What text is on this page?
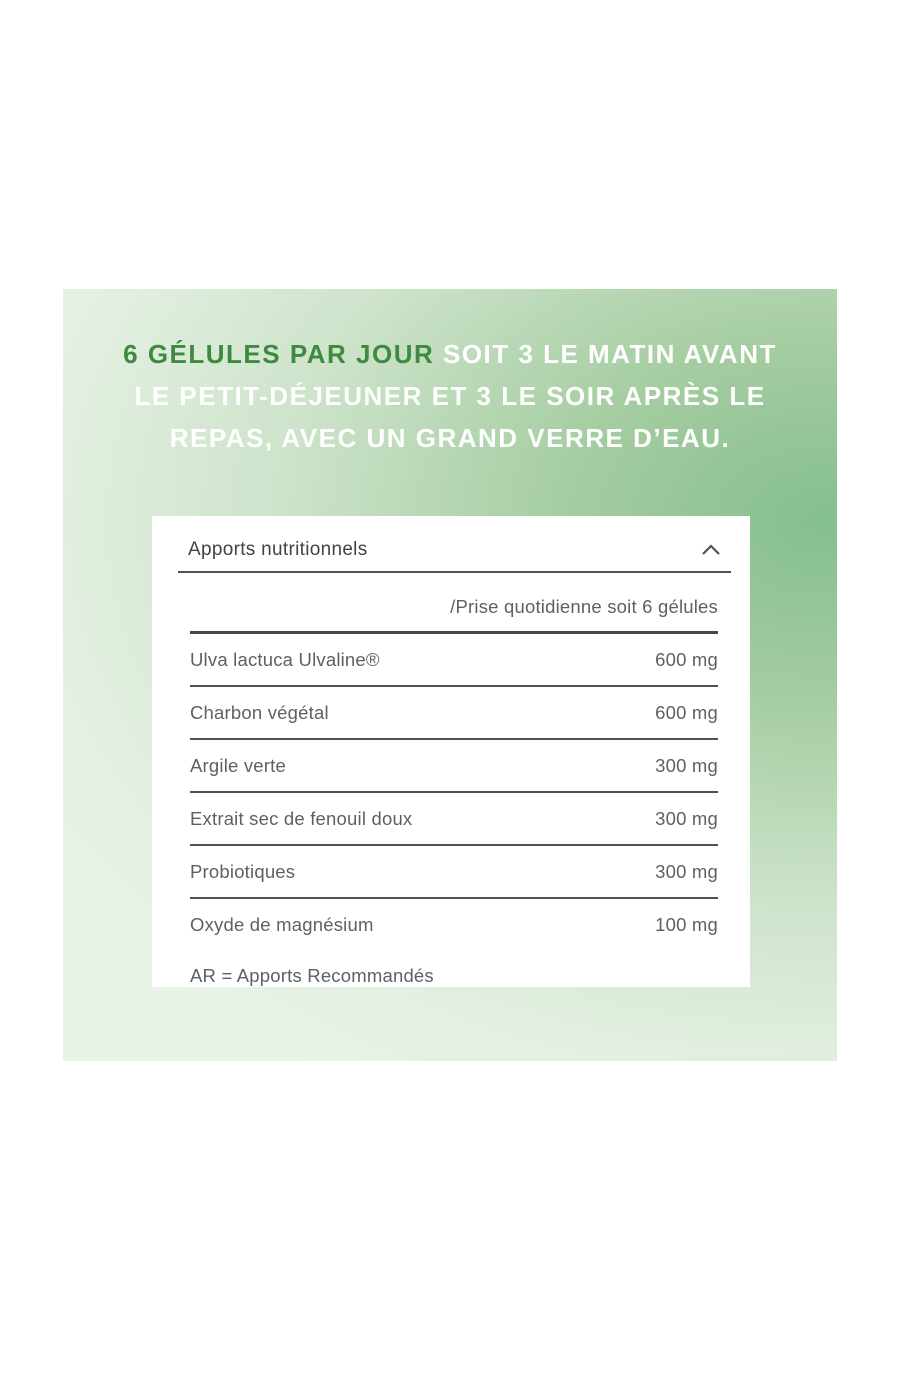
6 GÉLULES PAR JOUR SOIT 3 LE MATIN AVANT
LE PETIT-DÉJEUNER ET 3 LE SOIR APRÈS LE
REPAS, AVEC UN GRAND VERRE D’EAU.
Apports nutritionnels
/Prise quotidienne soit 6 gélules
Ulva lactuca Ulvaline®	600 mg
Charbon végétal	600 mg
Argile verte	300 mg
Extrait sec de fenouil doux	300 mg
Probiotiques	300 mg
Oxyde de magnésium	100 mg
AR = Apports Recommandés
